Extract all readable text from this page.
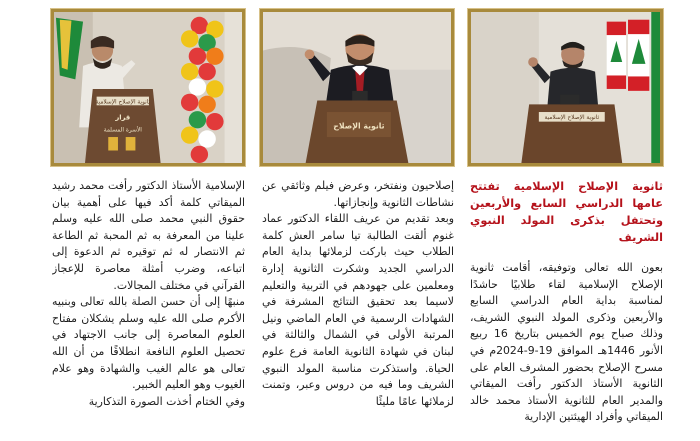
ثانوية الإصلاح الإسلامية
قرار
الأسرة المسلمة	ثانوية الإصلاح
ثانوية الإصلاح الإسلامية

ثانوية الإصلاح الإسلامية تفتتح عامها الدراسي السابع والأربعين وتحتفل بذكرى المولد النبوي الشريف

بعون الله تعالى وتوفيقه، أقامت ثانوية الإصلاح الإسلامية لقاء طلابيًا حاشدًا لمناسبة بداية العام الدراسي السابع والأربعين وذكرى المولد النبوي الشريف، وذلك صباح يوم الخميس بتاريخ 16 ربيع الأنور 1446هـ الموافق 19-9-2024م في مسرح الإصلاح بحضور المشرف العام على الثانوية الأستاذ الدكتور رأفت الميقاتي والمدير العام للثانوية الأستاذ محمد خالد الميقاتي وأفراد الهيئتين الإدارية

إصلاحيون ونفتخر، وعرض فيلم وثائقي عن نشاطات الثانوية وإنجازاتها.

وبعد تقديم من عريف اللقاء الدكتور عماد غنوم ألقت الطالبة تيا سامر العش كلمة الطلاب حيث باركت لزملائها بداية العام الدراسي الجديد وشكرت الثانوية إدارة ومعلمين على جهودهم في التربية والتعليم لاسيما بعد تحقيق النتائج المشرفة في الشهادات الرسمية في العام الماضي ونيل المرتبة الأولى في الشمال والثالثة في لبنان في شهادة الثانوية العامة فرع علوم الحياة. واستذكرت مناسبة المولد النبوي الشريف وما فيه من دروس وعبر، وتمنت لزملائها عامًا مليئًا

الإسلامية الأستاذ الدكتور رأفت محمد رشيد الميقاتي كلمة أكد فيها على أهمية بيان حقوق النبي محمد صلى الله عليه وسلم علينا من المعرفة به ثم المحبة ثم الطاعة ثم الانتصار له ثم توقيره ثم الدعوة إلى اتباعه، وضرب أمثلة معاصرة للإعجاز القرآني في مختلف المجالات.

منبهًا إلى أن حسن الصلة بالله تعالى وبنبيه الأكرم صلى الله عليه وسلم يشكلان مفتاح العلوم المعاصرة إلى جانب الاجتهاد في تحصيل العلوم النافعة انطلاقًا من أن الله تعالى هو عالم الغيب والشهادة وهو علام الغيوب وهو العليم الخبير.

وفي الختام أخذت الصورة التذكارية
